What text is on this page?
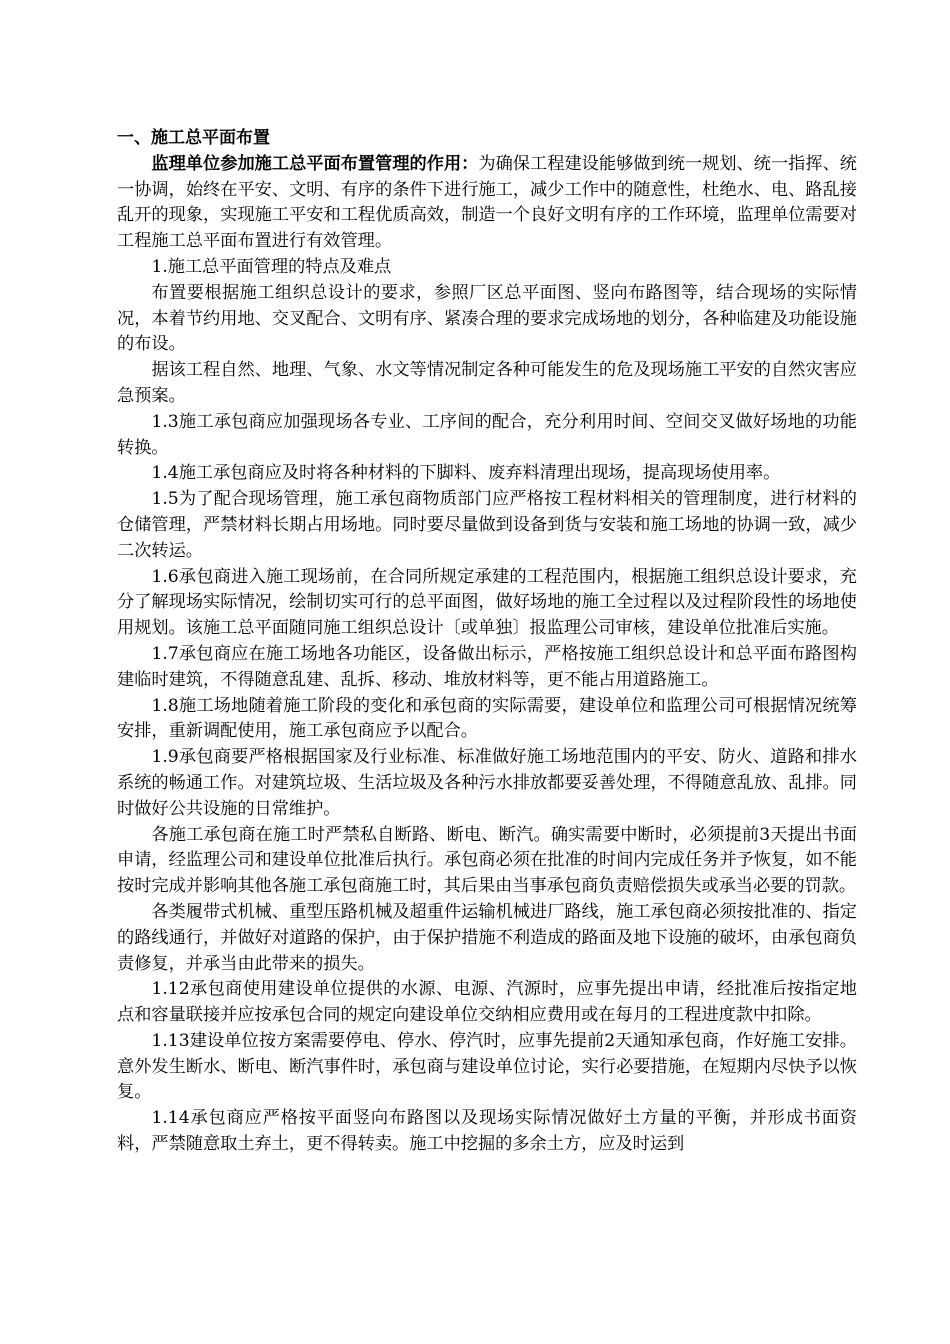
一、施工总平面布置

监理单位参加施工总平面布置管理的作用：为确保工程建设能够做到统一规划、统一指挥、统一协调，始终在平安、文明、有序的条件下进行施工，减少工作中的随意性，杜绝水、电、路乱接乱开的现象，实现施工平安和工程优质高效，制造一个良好文明有序的工作环境，监理单位需要对工程施工总平面布置进行有效管理。

1.施工总平面管理的特点及难点

布置要根据施工组织总设计的要求，参照厂区总平面图、竖向布路图等，结合现场的实际情况，本着节约用地、交叉配合、文明有序、紧凑合理的要求完成场地的划分，各种临建及功能设施的布设。

据该工程自然、地理、气象、水文等情况制定各种可能发生的危及现场施工平安的自然灾害应急预案。

1.3施工承包商应加强现场各专业、工序间的配合，充分利用时间、空间交叉做好场地的功能转换。

1.4施工承包商应及时将各种材料的下脚料、废弃料清理出现场，提高现场使用率。

1.5为了配合现场管理，施工承包商物质部门应严格按工程材料相关的管理制度，进行材料的仓储管理，严禁材料长期占用场地。同时要尽量做到设备到货与安装和施工场地的协调一致，减少二次转运。

1.6承包商进入施工现场前，在合同所规定承建的工程范围内，根据施工组织总设计要求，充分了解现场实际情况，绘制切实可行的总平面图，做好场地的施工全过程以及过程阶段性的场地使用规划。该施工总平面随同施工组织总设计〔或单独〕报监理公司审核，建设单位批准后实施。

1.7承包商应在施工场地各功能区，设备做出标示，严格按施工组织总设计和总平面布路图构建临时建筑，不得随意乱建、乱拆、移动、堆放材料等，更不能占用道路施工。

1.8施工场地随着施工阶段的变化和承包商的实际需要，建设单位和监理公司可根据情况统筹安排，重新调配使用，施工承包商应予以配合。

1.9承包商要严格根据国家及行业标准、标准做好施工场地范围内的平安、防火、道路和排水系统的畅通工作。对建筑垃圾、生活垃圾及各种污水排放都要妥善处理，不得随意乱放、乱排。同时做好公共设施的日常维护。

各施工承包商在施工时严禁私自断路、断电、断汽。确实需要中断时，必须提前3天提出书面申请，经监理公司和建设单位批准后执行。承包商必须在批准的时间内完成任务并予恢复，如不能按时完成并影响其他各施工承包商施工时，其后果由当事承包商负责赔偿损失或承当必要的罚款。

各类履带式机械、重型压路机械及超重件运输机械进厂路线，施工承包商必须按批准的、指定的路线通行，并做好对道路的保护，由于保护措施不利造成的路面及地下设施的破坏，由承包商负责修复，并承当由此带来的损失。

1.12承包商使用建设单位提供的水源、电源、汽源时，应事先提出申请，经批准后按指定地点和容量联接并应按承包合同的规定向建设单位交纳相应费用或在每月的工程进度款中扣除。

1.13建设单位按方案需要停电、停水、停汽时，应事先提前2天通知承包商，作好施工安排。意外发生断水、断电、断汽事件时，承包商与建设单位讨论，实行必要措施，在短期内尽快予以恢复。

1.14承包商应严格按平面竖向布路图以及现场实际情况做好土方量的平衡，并形成书面资料，严禁随意取土弃土，更不得转卖。施工中挖掘的多余土方，应及时运到
